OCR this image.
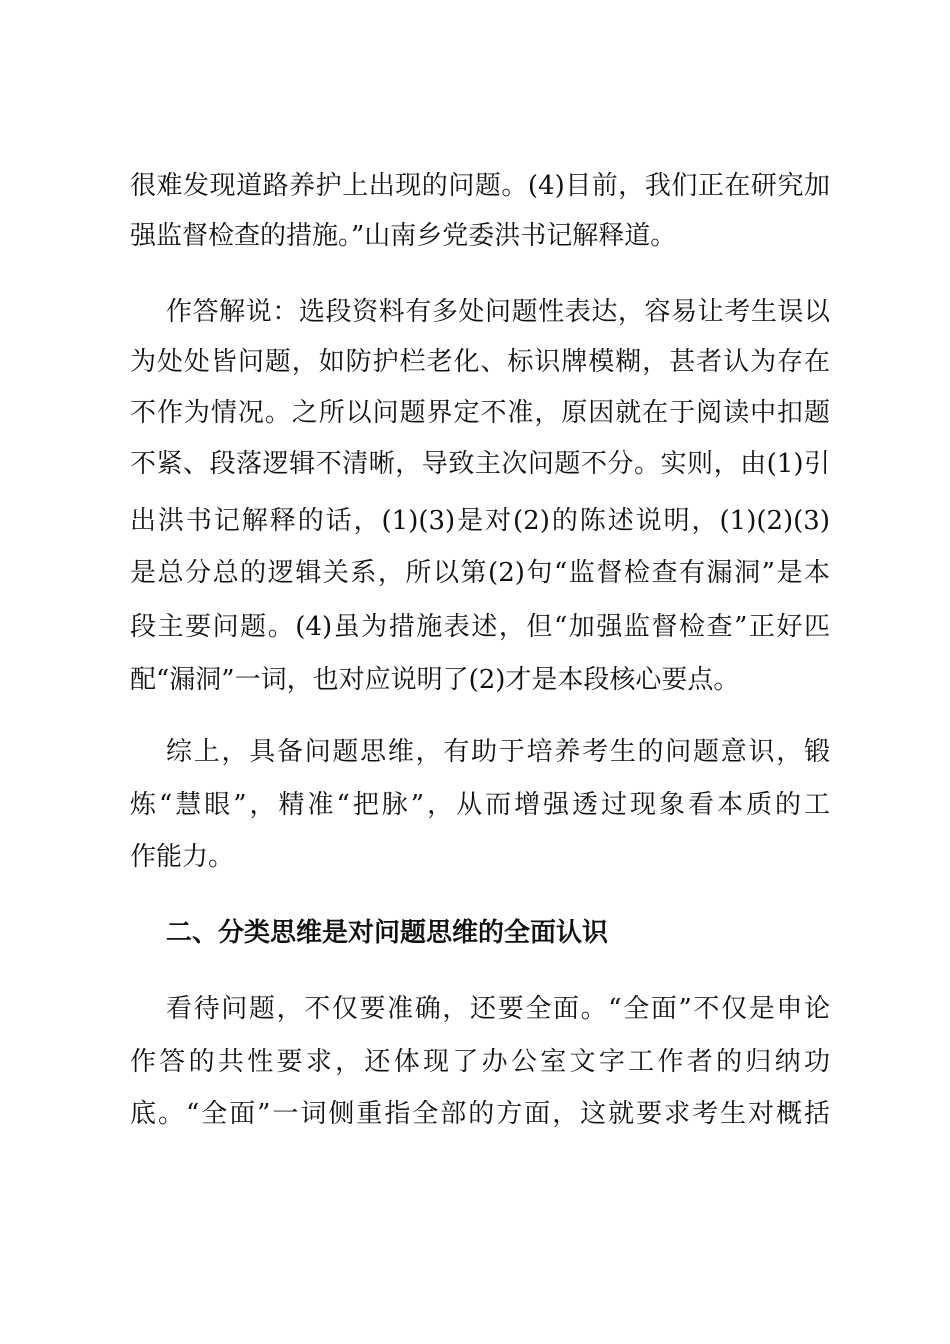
很难发现道路养护上出现的问题。(4)目前，我们正在研究加
强监督检查的措施。”山南乡党委洪书记解释道。
作答解说：选段资料有多处问题性表达，容易让考生误以
为处处皆问题，如防护栏老化、标识牌模糊，甚者认为存在
不作为情况。之所以问题界定不准，原因就在于阅读中扣题
不紧、段落逻辑不清晰，导致主次问题不分。实则，由(1)引
出洪书记解释的话，(1)(3)是对(2)的陈述说明，(1)(2)(3)
是总分总的逻辑关系，所以第(2)句“监督检查有漏洞”是本
段主要问题。(4)虽为措施表述，但“加强监督检查”正好匹
配“漏洞”一词，也对应说明了(2)才是本段核心要点。
综上，具备问题思维，有助于培养考生的问题意识，锻
炼“慧眼”，精准“把脉”，从而增强透过现象看本质的工
作能力。
二、分类思维是对问题思维的全面认识
看待问题，不仅要准确，还要全面。“全面”不仅是申论
作答的共性要求，还体现了办公室文字工作者的归纳功
底。“全面”一词侧重指全部的方面，这就要求考生对概括
